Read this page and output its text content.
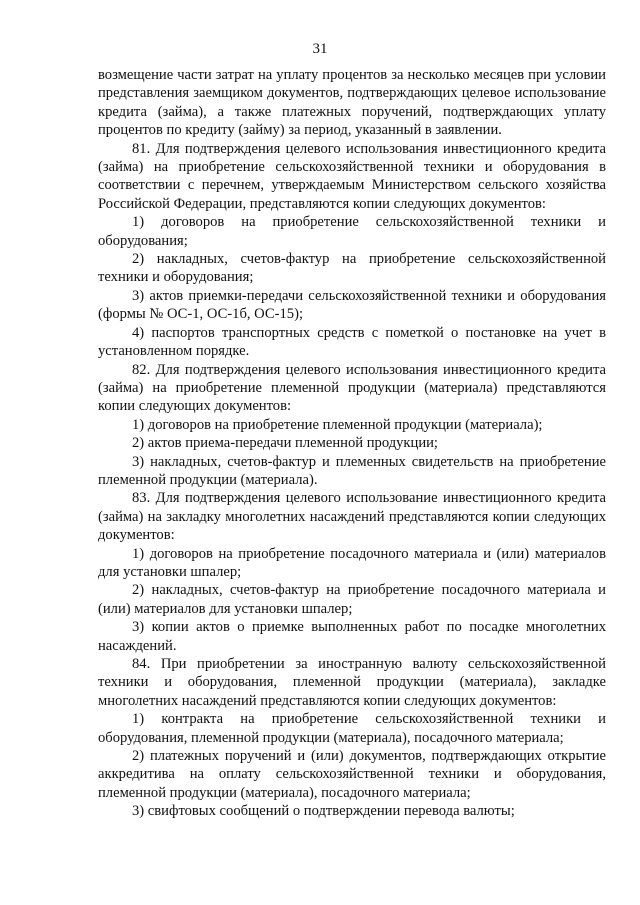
31

возмещение части затрат на уплату процентов за несколько месяцев при условии представления заемщиком документов, подтверждающих целевое использование кредита (займа), а также платежных поручений, подтверждающих уплату процентов по кредиту (займу) за период, указанный в заявлении.

81. Для подтверждения целевого использования инвестиционного кредита (займа) на приобретение сельскохозяйственной техники и оборудования в соответствии с перечнем, утверждаемым Министерством сельского хозяйства Российской Федерации, представляются копии следующих документов:

1) договоров на приобретение сельскохозяйственной техники и оборудования;

2) накладных, счетов-фактур на приобретение сельскохозяйственной техники и оборудования;

3) актов приемки-передачи сельскохозяйственной техники и оборудования (формы № ОС-1, ОС-1б, ОС-15);

4) паспортов транспортных средств с пометкой о постановке на учет в установленном порядке.

82. Для подтверждения целевого использования инвестиционного кредита (займа) на приобретение племенной продукции (материала) представляются копии следующих документов:

1) договоров на приобретение племенной продукции (материала);

2) актов приема-передачи племенной продукции;

3) накладных, счетов-фактур и племенных свидетельств на приобретение племенной продукции (материала).

83. Для подтверждения целевого использование инвестиционного кредита (займа) на закладку многолетних насаждений представляются копии следующих документов:

1) договоров на приобретение посадочного материала и (или) материалов для установки шпалер;

2) накладных, счетов-фактур на приобретение посадочного материала и (или) материалов для установки шпалер;

3) копии актов о приемке выполненных работ по посадке многолетних насаждений.

84. При приобретении за иностранную валюту сельскохозяйственной техники и оборудования, племенной продукции (материала), закладке многолетних насаждений представляются копии следующих документов:

1) контракта на приобретение сельскохозяйственной техники и оборудования, племенной продукции (материала), посадочного материала;

2) платежных поручений и (или) документов, подтверждающих открытие аккредитива на оплату сельскохозяйственной техники и оборудования, племенной продукции (материала), посадочного материала;

3) свифтовых сообщений о подтверждении перевода валюты;
